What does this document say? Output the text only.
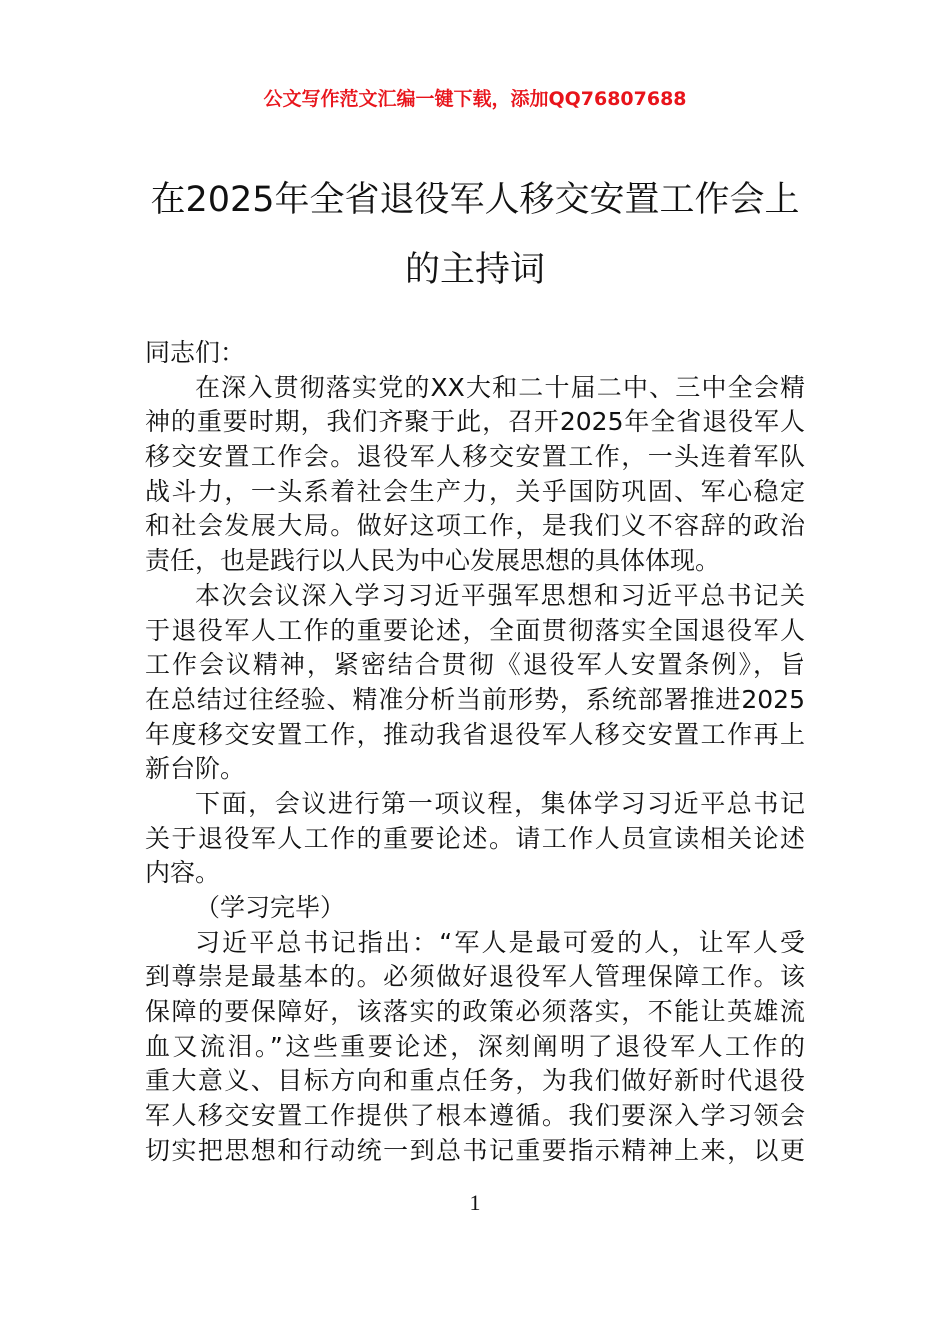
公文写作范文汇编一键下载，添加QQ76807688
在2025年全省退役军人移交安置工作会上
的主持词
同志们：
在深入贯彻落实党的XX大和二十届二中、三中全会精
神的重要时期，我们齐聚于此，召开2025年全省退役军人
移交安置工作会。退役军人移交安置工作，一头连着军队
战斗力，一头系着社会生产力，关乎国防巩固、军心稳定
和社会发展大局。做好这项工作，是我们义不容辞的政治
责任，也是践行以人民为中心发展思想的具体体现。
本次会议深入学习习近平强军思想和习近平总书记关
于退役军人工作的重要论述，全面贯彻落实全国退役军人
工作会议精神，紧密结合贯彻《退役军人安置条例》，旨
在总结过往经验、精准分析当前形势，系统部署推进2025
年度移交安置工作，推动我省退役军人移交安置工作再上
新台阶。
下面，会议进行第一项议程，集体学习习近平总书记
关于退役军人工作的重要论述。请工作人员宣读相关论述
内容。
（学习完毕）
习近平总书记指出：“军人是最可爱的人，让军人受
到尊崇是最基本的。必须做好退役军人管理保障工作。该
保障的要保障好，该落实的政策必须落实，不能让英雄流
血又流泪。”这些重要论述，深刻阐明了退役军人工作的
重大意义、目标方向和重点任务，为我们做好新时代退役
军人移交安置工作提供了根本遵循。我们要深入学习领会
切实把思想和行动统一到总书记重要指示精神上来，以更
1
